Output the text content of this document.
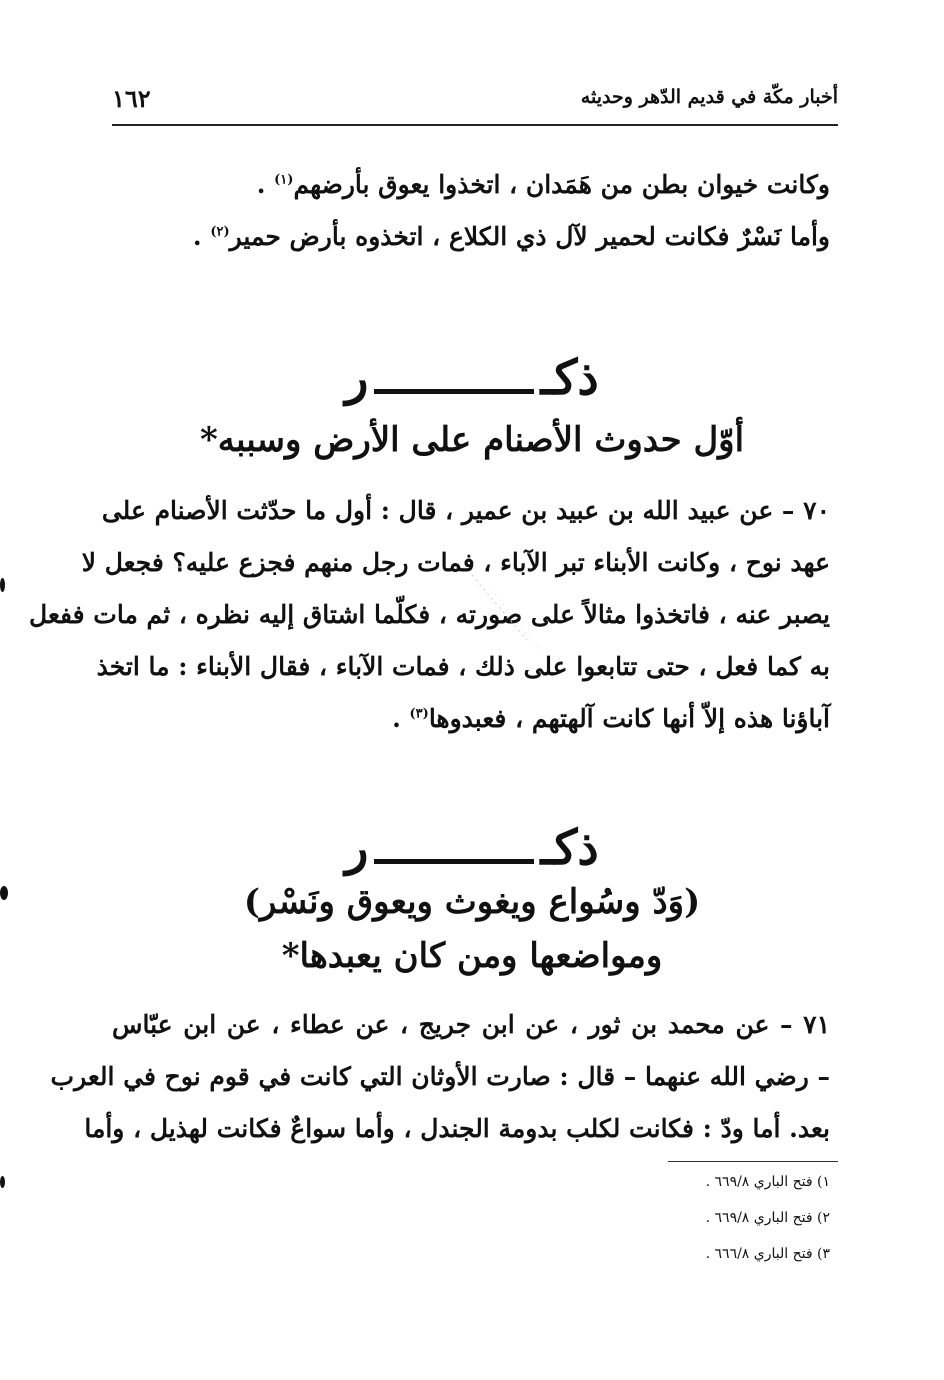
أخبار مكّة في قديم الدّهر وحديثه
١٦٢
وكانت خيوان بطن من هَمَدان ، اتخذوا يعوق بأرضهم$^{(١)}$ .
وأما نَسْرٌ فكانت لحمير لآل ذي الكلاع ، اتخذوه بأرض حمير$^{(٢)}$ .
ذكـر
أوّل حدوث الأصنام على الأرض وسببه*
٧٠ – عن عبيد الله بن عبيد بن عمير ، قال : أول ما حدّثت الأصنام على
عهد نوح ، وكانت الأبناء تبر الآباء ، فمات رجل منهم فجزع عليه؟ فجعل لا
يصبر عنه ، فاتخذوا مثالاً على صورته ، فكلّما اشتاق إليه نظره ، ثم مات ففعل
به كما فعل ، حتى تتابعوا على ذلك ، فمات الآباء ، فقال الأبناء : ما اتخذ
آباؤنا هذه إلاّ أنها كانت آلهتهم ، فعبدوها$^{(٣)}$ .
ذكـر
(وَدّ وسُواع ويغوث ويعوق ونَسْر)
ومواضعها ومن كان يعبدها*
٧١ – عن محمد بن ثور ، عن ابن جريج ، عن عطاء ، عن ابن عبّاس
– رضي الله عنهما – قال : صارت الأوثان التي كانت في قوم نوح في العرب
بعد. أما ودّ : فكانت لكلب بدومة الجندل ، وأما سواعٌ فكانت لهذيل ، وأما
١) فتح الباري ٦٦٩/٨ .
٢) فتح الباري ٦٦٩/٨ .
٣) فتح الباري ٦٦٦/٨ .
